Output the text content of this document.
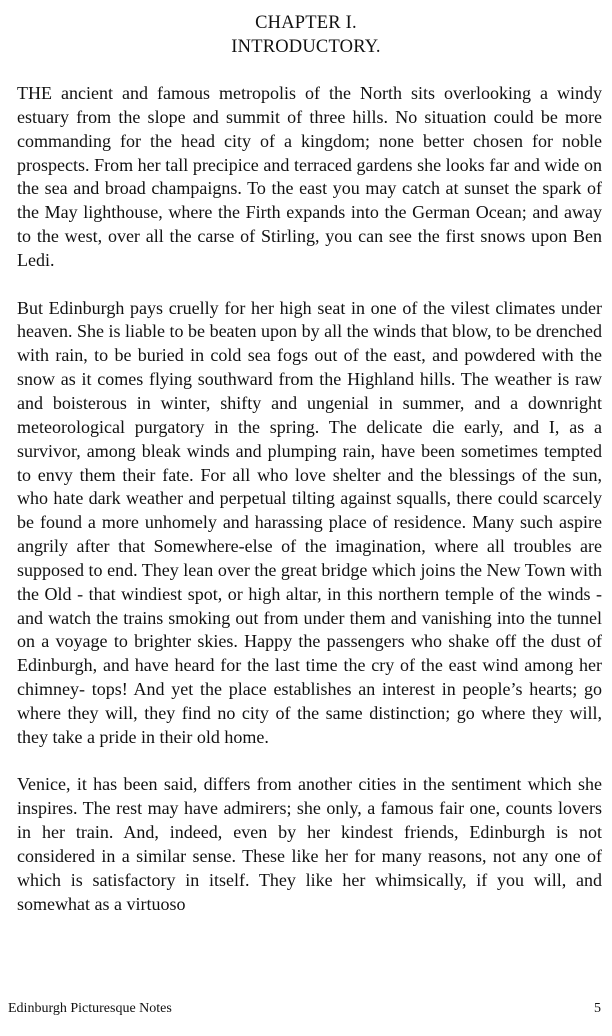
CHAPTER I.
INTRODUCTORY.

THE ancient and famous metropolis of the North sits overlooking a windy estuary from the slope and summit of three hills. No situation could be more commanding for the head city of a kingdom; none better chosen for noble prospects. From her tall precipice and terraced gardens she looks far and wide on the sea and broad champaigns. To the east you may catch at sunset the spark of the May lighthouse, where the Firth expands into the German Ocean; and away to the west, over all the carse of Stirling, you can see the first snows upon Ben Ledi.

But Edinburgh pays cruelly for her high seat in one of the vilest climates under heaven. She is liable to be beaten upon by all the winds that blow, to be drenched with rain, to be buried in cold sea fogs out of the east, and powdered with the snow as it comes flying southward from the Highland hills. The weather is raw and boisterous in winter, shifty and ungenial in summer, and a downright meteorological purgatory in the spring. The delicate die early, and I, as a survivor, among bleak winds and plumping rain, have been sometimes tempted to envy them their fate. For all who love shelter and the blessings of the sun, who hate dark weather and perpetual tilting against squalls, there could scarcely be found a more unhomely and harassing place of residence. Many such aspire angrily after that Somewhere-else of the imagination, where all troubles are supposed to end. They lean over the great bridge which joins the New Town with the Old - that windiest spot, or high altar, in this northern temple of the winds - and watch the trains smoking out from under them and vanishing into the tunnel on a voyage to brighter skies. Happy the passengers who shake off the dust of Edinburgh, and have heard for the last time the cry of the east wind among her chimney- tops! And yet the place establishes an interest in people’s hearts; go where they will, they find no city of the same distinction; go where they will, they take a pride in their old home.

Venice, it has been said, differs from another cities in the sentiment which she inspires. The rest may have admirers; she only, a famous fair one, counts lovers in her train. And, indeed, even by her kindest friends, Edinburgh is not considered in a similar sense. These like her for many reasons, not any one of which is satisfactory in itself. They like her whimsically, if you will, and somewhat as a virtuoso

Edinburgh Picturesque Notes	5
